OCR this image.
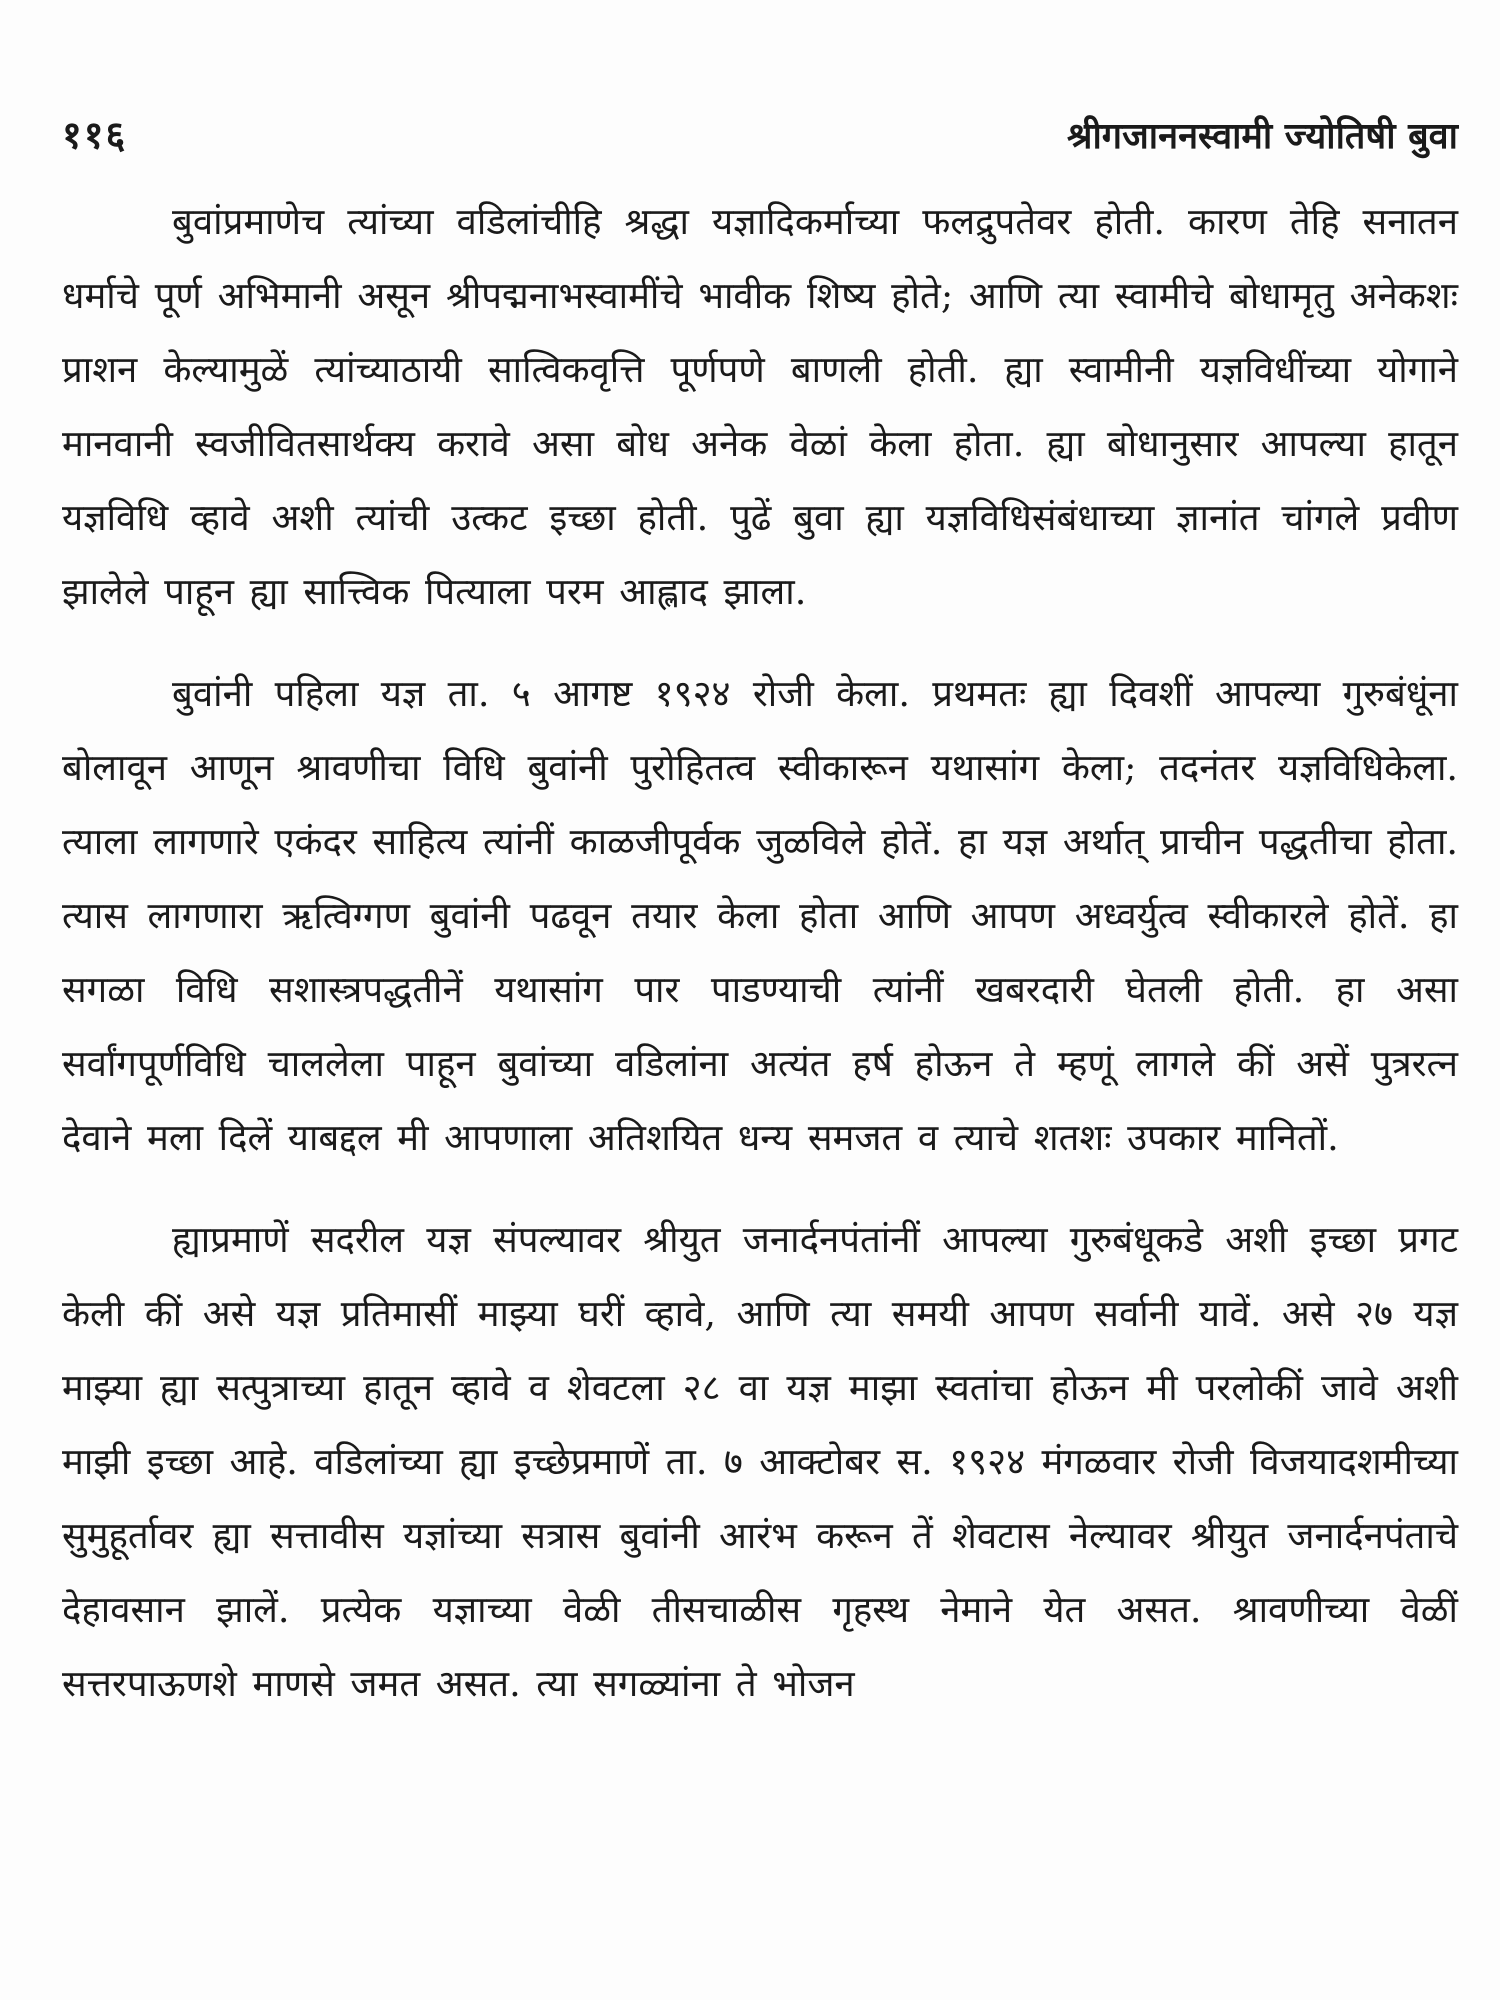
११६	श्रीगजाननस्वामी ज्योतिषी बुवा

बुवांप्रमाणेच त्यांच्या वडिलांचीहि श्रद्धा यज्ञादिकर्माच्या फलद्रुपतेवर होती. कारण तेहि सनातन धर्माचे पूर्ण अभिमानी असून श्रीपद्मनाभस्वामींचे भावीक शिष्य होते; आणि त्या स्वामीचे बोधामृतु अनेकशः प्राशन केल्यामुळें त्यांच्याठायी सात्विकवृत्ति पूर्णपणे बाणली होती. ह्या स्वामीनी यज्ञविधींच्या योगाने मानवानी स्वजीवितसार्थक्य करावे असा बोध अनेक वेळां केला होता. ह्या बोधानुसार आपल्या हातून यज्ञविधि व्हावे अशी त्यांची उत्कट इच्छा होती. पुढें बुवा ह्या यज्ञविधिसंबंधाच्या ज्ञानांत चांगले प्रवीण झालेले पाहून ह्या सात्त्विक पित्याला परम आह्लाद झाला.

बुवांनी पहिला यज्ञ ता. ५ आगष्ट १९२४ रोजी केला. प्रथमतः ह्या दिवशीं आपल्या गुरुबंधूंना बोलावून आणून श्रावणीचा विधि बुवांनी पुरोहितत्व स्वीकारून यथासांग केला; तदनंतर यज्ञविधिकेला. त्याला लागणारे एकंदर साहित्य त्यांनीं काळजीपूर्वक जुळविले होतें. हा यज्ञ अर्थात् प्राचीन पद्धतीचा होता. त्यास लागणारा ऋत्विग्गण बुवांनी पढवून तयार केला होता आणि आपण अध्वर्युत्व स्वीकारले होतें. हा सगळा विधि सशास्त्रपद्धतीनें यथासांग पार पाडण्याची त्यांनीं खबरदारी घेतली होती. हा असा सर्वांगपूर्णविधि चाललेला पाहून बुवांच्या वडिलांना अत्यंत हर्ष होऊन ते म्हणूं लागले कीं असें पुत्ररत्न देवाने मला दिलें याबद्दल मी आपणाला अतिशयित धन्य समजत व त्याचे शतशः उपकार मानितों.

ह्याप्रमाणें सदरील यज्ञ संपल्यावर श्रीयुत जनार्दनपंतांनीं आपल्या गुरुबंधूकडे अशी इच्छा प्रगट केली कीं असे यज्ञ प्रतिमासीं माझ्या घरीं व्हावे, आणि त्या समयी आपण सर्वानी यावें. असे २७ यज्ञ माझ्या ह्या सत्पुत्राच्या हातून व्हावे व शेवटला २८ वा यज्ञ माझा स्वतांचा होऊन मी परलोकीं जावे अशी माझी इच्छा आहे. वडिलांच्या ह्या इच्छेप्रमाणें ता. ७ आक्टोबर स. १९२४ मंगळवार रोजी विजयादशमीच्या सुमुहूर्तावर ह्या सत्तावीस यज्ञांच्या सत्रास बुवांनी आरंभ करून तें शेवटास नेल्यावर श्रीयुत जनार्दनपंताचे देहावसान झालें. प्रत्येक यज्ञाच्या वेळी तीसचाळीस गृहस्थ नेमाने येत असत. श्रावणीच्या वेळीं सत्तरपाऊणशे माणसे जमत असत. त्या सगळ्यांना ते भोजन
